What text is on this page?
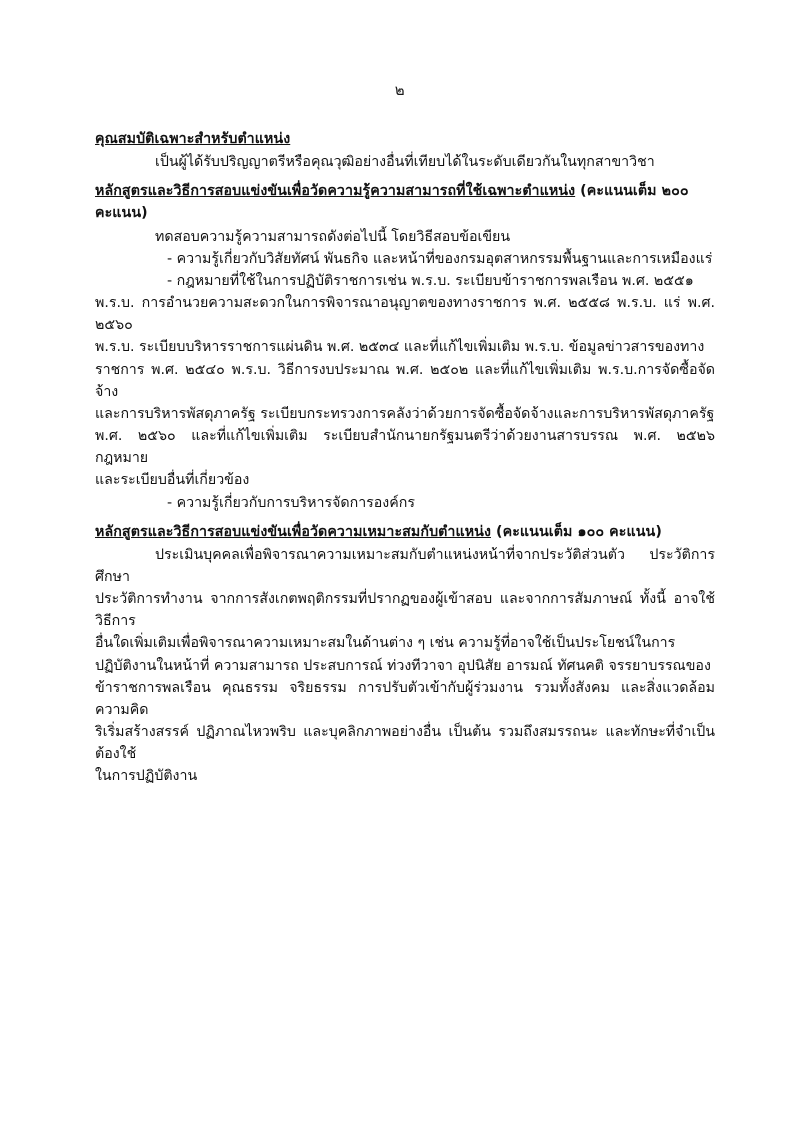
๒
คุณสมบัติเฉพาะสำหรับตำแหน่ง
เป็นผู้ได้รับปริญญาตรีหรือคุณวุฒิอย่างอื่นที่เทียบได้ในระดับเดียวกันในทุกสาขาวิชา
หลักสูตรและวิธีการสอบแข่งขันเพื่อวัดความรู้ความสามารถที่ใช้เฉพาะตำแหน่ง (คะแนนเต็ม ๒๐๐ คะแนน)
ทดสอบความรู้ความสามารถดังต่อไปนี้ โดยวิธีสอบข้อเขียน
- ความรู้เกี่ยวกับวิสัยทัศน์ พันธกิจ และหน้าที่ของกรมอุตสาหกรรมพื้นฐานและการเหมืองแร่
- กฎหมายที่ใช้ในการปฏิบัติราชการเช่น พ.ร.บ. ระเบียบข้าราชการพลเรือน พ.ศ. ๒๕๕๑
พ.ร.บ. การอำนวยความสะดวกในการพิจารณาอนุญาตของทางราชการ พ.ศ. ๒๕๕๘ พ.ร.บ. แร่ พ.ศ. ๒๕๖๐
พ.ร.บ. ระเบียบบริหารราชการแผ่นดิน พ.ศ. ๒๕๓๔ และที่แก้ไขเพิ่มเติม พ.ร.บ. ข้อมูลข่าวสารของทาง
ราชการ พ.ศ. ๒๕๔๐ พ.ร.บ. วิธีการงบประมาณ พ.ศ. ๒๕๐๒ และที่แก้ไขเพิ่มเติม พ.ร.บ.การจัดซื้อจัดจ้าง
และการบริหารพัสดุภาครัฐ ระเบียบกระทรวงการคลังว่าด้วยการจัดซื้อจัดจ้างและการบริหารพัสดุภาครัฐ
พ.ศ. ๒๕๖๐ และที่แก้ไขเพิ่มเติม ระเบียบสำนักนายกรัฐมนตรีว่าด้วยงานสารบรรณ พ.ศ. ๒๕๒๖ กฎหมาย
และระเบียบอื่นที่เกี่ยวข้อง
- ความรู้เกี่ยวกับการบริหารจัดการองค์กร
หลักสูตรและวิธีการสอบแข่งขันเพื่อวัดความเหมาะสมกับตำแหน่ง (คะแนนเต็ม ๑๐๐ คะแนน)
ประเมินบุคคลเพื่อพิจารณาความเหมาะสมกับตำแหน่งหน้าที่จากประวัติส่วนตัว ประวัติการศึกษา
ประวัติการทำงาน จากการสังเกตพฤติกรรมที่ปรากฏของผู้เข้าสอบ และจากการสัมภาษณ์ ทั้งนี้ อาจใช้วิธีการ
อื่นใดเพิ่มเติมเพื่อพิจารณาความเหมาะสมในด้านต่าง ๆ เช่น ความรู้ที่อาจใช้เป็นประโยชน์ในการ
ปฏิบัติงานในหน้าที่ ความสามารถ ประสบการณ์ ท่วงทีวาจา อุปนิสัย อารมณ์ ทัศนคติ จรรยาบรรณของ
ข้าราชการพลเรือน คุณธรรม จริยธรรม การปรับตัวเข้ากับผู้ร่วมงาน รวมทั้งสังคม และสิ่งแวดล้อม ความคิด
ริเริ่มสร้างสรรค์ ปฏิภาณไหวพริบ และบุคลิกภาพอย่างอื่น เป็นต้น รวมถึงสมรรถนะ และทักษะที่จำเป็นต้องใช้
ในการปฏิบัติงาน
